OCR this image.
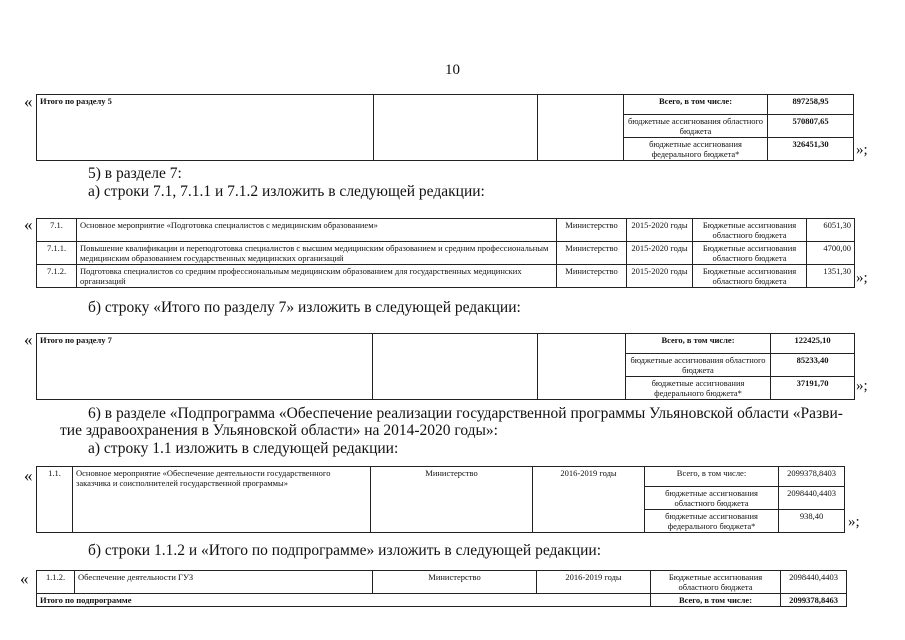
10
« Итого по разделу 5			Всего, в том числе:	897258,95
			бюджетные ассигнования областного бюджета	570807,65
			бюджетные ассигнования федерального бюджета*	326451,30 »;
5) в разделе 7:
а) строки 7.1, 7.1.1 и 7.1.2 изложить в следующей редакции:
« 7.1.	Основное мероприятие «Подготовка специалистов с медицинским образованием»	Министерство	2015-2020 годы	Бюджетные ассигнования областного бюджета	6051,30
7.1.1.	Повышение квалификации и переподготовка специалистов с высшим медицинским образованием и средним профессиональным медицинским образованием государственных медицинских организаций	Министерство	2015-2020 годы	Бюджетные ассигнования областного бюджета	4700,00
7.1.2.	Подготовка специалистов со средним профессиональным медицинским образованием для государственных медицинских организаций	Министерство	2015-2020 годы	Бюджетные ассигнования областного бюджета	1351,30 »;
б) строку «Итого по разделу 7» изложить в следующей редакции:
« Итого по разделу 7			Всего, в том числе:	122425,10
			бюджетные ассигнования областного бюджета	85233,40
			бюджетные ассигнования федерального бюджета*	37191,70 »;
6) в разделе «Подпрограмма «Обеспечение реализации государственной программы Ульяновской области «Разви-
тие здравоохранения в Ульяновской области» на 2014-2020 годы»:
а) строку 1.1 изложить в следующей редакции:
« 1.1.	Основное мероприятие «Обеспечение деятельности государственного заказчика и соисполнителей государственной программы»	Министерство	2016-2019 годы	Всего, в том числе:	2099378,8403
				бюджетные ассигнования областного бюджета	2098440,4403
				бюджетные ассигнования федерального бюджета*	938,40 »;
б) строки 1.1.2 и «Итого по подпрограмме» изложить в следующей редакции:
« 1.1.2.	Обеспечение деятельности ГУЗ	Министерство	2016-2019 годы	Бюджетные ассигнования областного бюджета	2098440,4403
Итого по подпрограмме				Всего, в том числе:	2099378,8463
